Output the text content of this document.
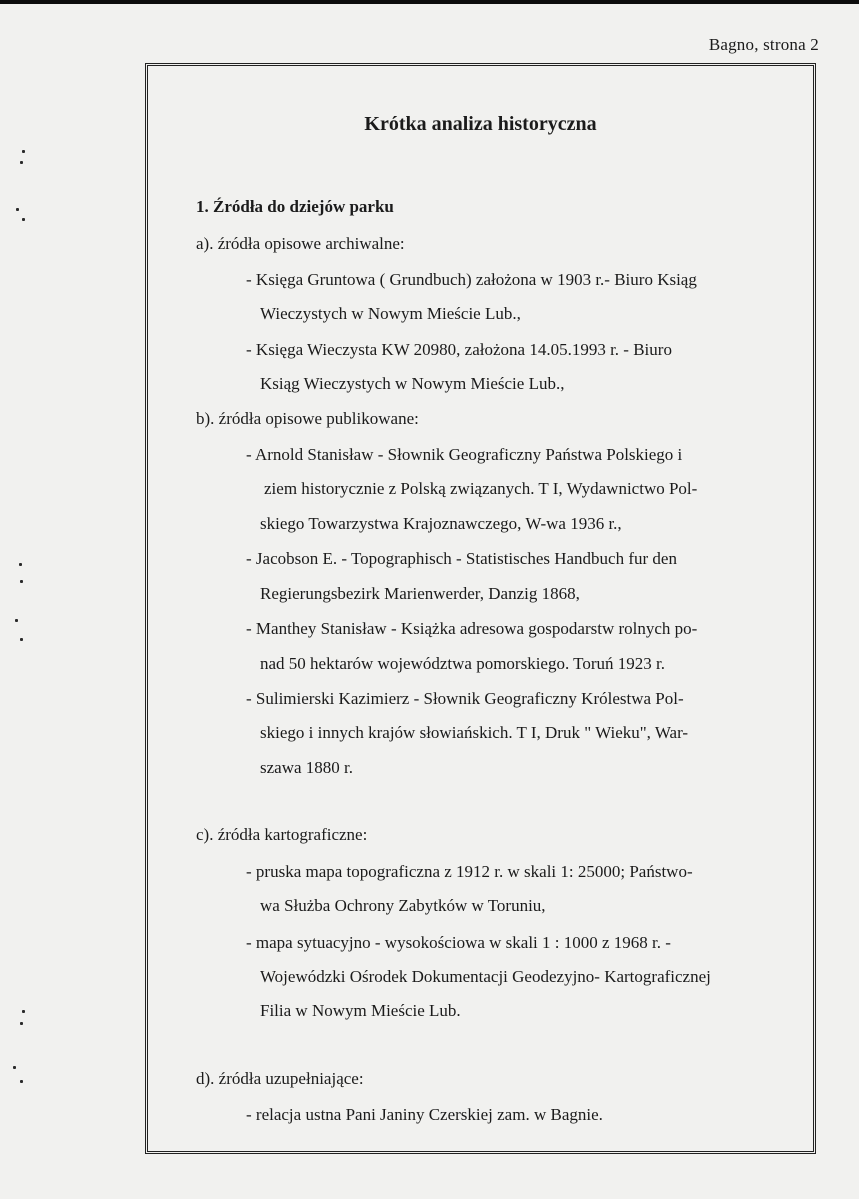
Bagno, strona 2
Krótka analiza historyczna
1. Źródła do dziejów parku
a). źródła opisowe archiwalne:
- Księga Gruntowa ( Grundbuch) założona w 1903 r.- Biuro Ksiąg
Wieczystych w Nowym Mieście Lub.,
- Księga Wieczysta KW 20980, założona 14.05.1993 r. - Biuro
Ksiąg Wieczystych w Nowym Mieście Lub.,
b). źródła opisowe publikowane:
- Arnold Stanisław - Słownik Geograficzny Państwa Polskiego i
ziem historycznie z Polską związanych. T I, Wydawnictwo Pol-
skiego Towarzystwa Krajoznawczego, W-wa 1936 r.,
- Jacobson E. - Topographisch - Statistisches Handbuch fur den
Regierungsbezirk Marienwerder, Danzig 1868,
- Manthey Stanisław - Książka adresowa gospodarstw rolnych po-
nad 50 hektarów województwa pomorskiego. Toruń 1923 r.
- Sulimierski Kazimierz - Słownik Geograficzny Królestwa Pol-
skiego i innych krajów słowiańskich. T I, Druk " Wieku", War-
szawa 1880 r.
c). źródła kartograficzne:
- pruska mapa topograficzna z 1912 r. w skali 1: 25000; Państwo-
wa Służba Ochrony Zabytków w Toruniu,
- mapa sytuacyjno - wysokościowa w skali 1 : 1000 z 1968 r. -
Wojewódzki Ośrodek Dokumentacji Geodezyjno- Kartograficznej
Filia w Nowym Mieście Lub.
d). źródła uzupełniające:
- relacja ustna Pani Janiny Czerskiej zam. w Bagnie.
